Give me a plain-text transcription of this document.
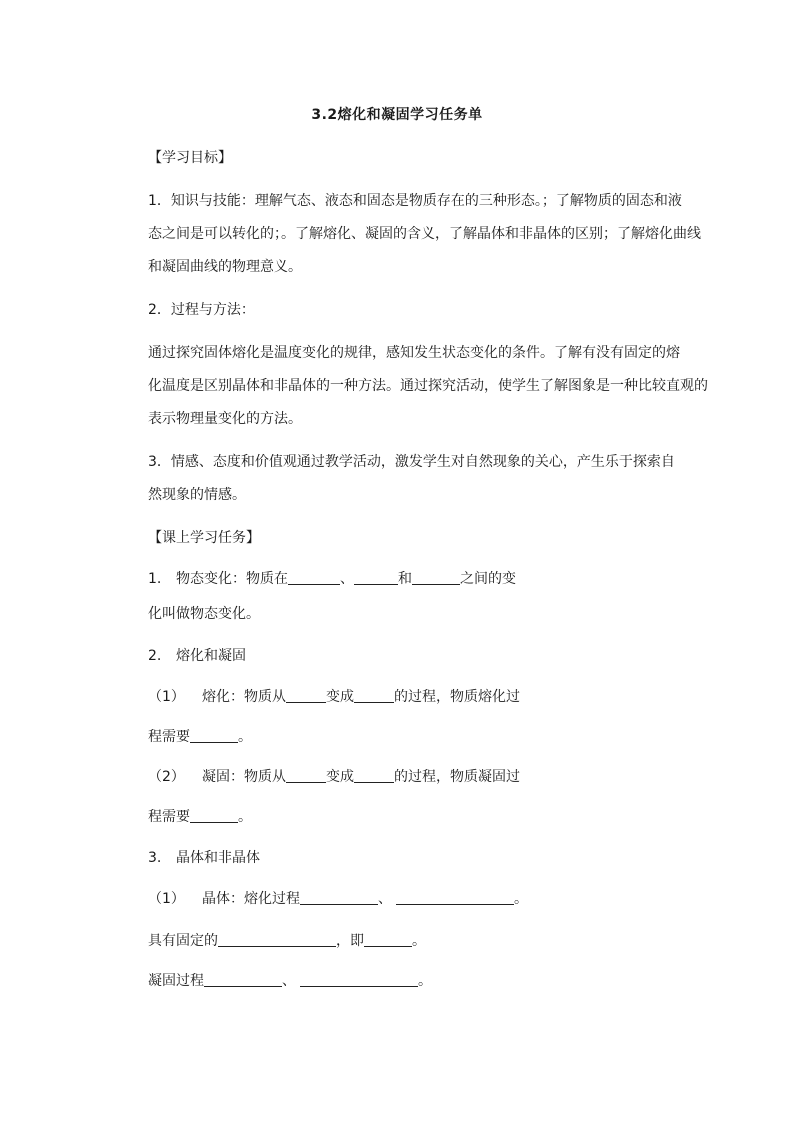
3.2熔化和凝固学习任务单
【学习目标】
1．知识与技能：理解气态、液态和固态是物质存在的三种形态。；了解物质的固态和液
态之间是可以转化的；。了解熔化、凝固的含义，了解晶体和非晶体的区别；了解熔化曲线
和凝固曲线的物理意义。
2．过程与方法：
通过探究固体熔化是温度变化的规律，感知发生状态变化的条件。了解有没有固定的熔
化温度是区别晶体和非晶体的一种方法。通过探究活动，使学生了解图象是一种比较直观的
表示物理量变化的方法。
3．情感、态度和价值观通过教学活动，激发学生对自然现象的关心，产生乐于探索自
然现象的情感。
【课上学习任务】
1. 物态变化：物质在	、	和	之间的变
化叫做物态变化。
2. 熔化和凝固
（1） 熔化：物质从	变成	的过程，物质熔化过
程需要	。
（2） 凝固：物质从	变成	的过程，物质凝固过
程需要	。
3. 晶体和非晶体
（1） 晶体：熔化过程	、	。
具有固定的	，即	。
凝固过程	、	。
